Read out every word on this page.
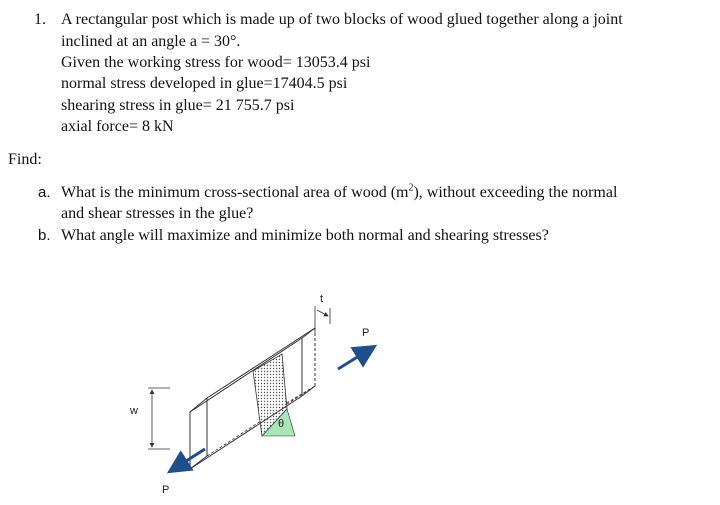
1. A rectangular post which is made up of two blocks of wood glued together along a joint
inclined at an angle a = 30°.
Given the working stress for wood= 13053.4 psi
normal stress developed in glue=17404.5 psi
shearing stress in glue= 21 755.7 psi
axial force= 8 kN
Find:
a. What is the minimum cross-sectional area of wood $(m^2)$, without exceeding the normal
and shear stresses in the glue?
b. What angle will maximize and minimize both normal and shearing stresses?
θ
t
w
P
P
